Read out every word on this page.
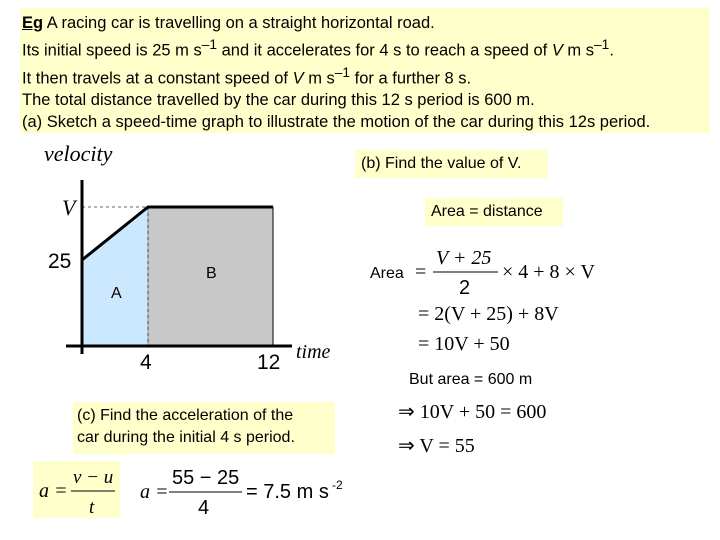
Eg A racing car is travelling on a straight horizontal road.
Its initial speed is 25 m $s^{-1}$ and it accelerates for 4 s to reach a speed of V m $s^{-1}$.
It then travels at a constant speed of V m $s^{-1}$ for a further 8 s.
The total distance travelled by the car during this 12 s period is 600 m.
(a) Sketch a speed-time graph to illustrate the motion of the car during this 12s period.
velocity
time
V
25
4	12
A
B	Area =
V + 25
2
× 4 + 8 × V
= 2(V + 25) + 8V
= 10V + 50
But area = 600 m
⇒ 10V + 50 = 600
⇒ V = 55
a =
55 − 25
4
= 7.5 m s -2
(b) Find the value of V.
Area = distance
(c) Find the acceleration of the
car during the initial 4 s period.
a =
v − u
t
